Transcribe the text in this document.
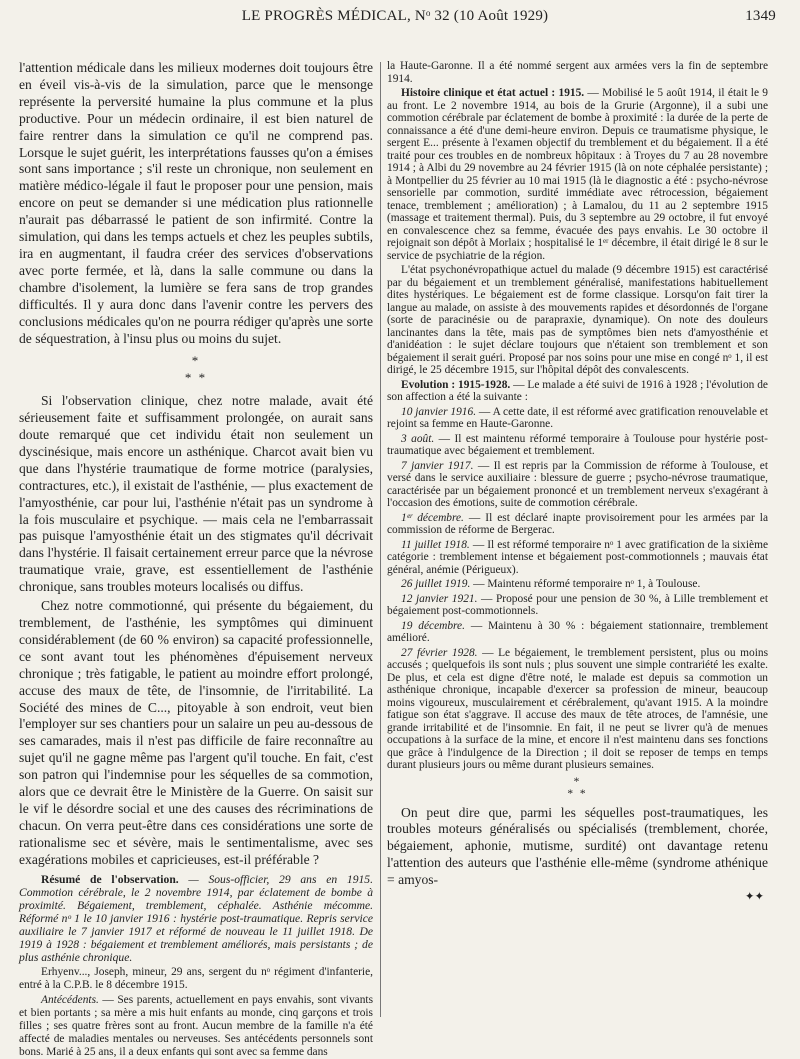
LE PROGRÈS MÉDICAL, Nᵒ 32 (10 Août 1929)	1349

l'attention médicale dans les milieux modernes doit toujours être en éveil vis-à-vis de la simulation, parce que le mensonge représente la perversité humaine la plus commune et la plus productive. Pour un médecin ordinaire, il est bien naturel de faire rentrer dans la simulation ce qu'il ne comprend pas. Lorsque le sujet guérit, les interprétations fausses qu'on a émises sont sans importance ; s'il reste un chronique, non seulement en matière médico-légale il faut le proposer pour une pension, mais encore on peut se demander si une médication plus rationnelle n'aurait pas débarrassé le patient de son infirmité. Contre la simulation, qui dans les temps actuels et chez les peuples subtils, ira en augmentant, il faudra créer des services d'observations avec porte fermée, et là, dans la salle commune ou dans la chambre d'isolement, la lumière se fera sans de trop grandes difficultés. Il y aura donc dans l'avenir contre les pervers des conclusions médicales qu'on ne pourra rédiger qu'après une sorte de séquestration, à l'insu plus ou moins du sujet.

*
* *

Si l'observation clinique, chez notre malade, avait été sérieusement faite et suffisamment prolongée, on aurait sans doute remarqué que cet individu était non seulement un dyscinésique, mais encore un asthénique. Charcot avait bien vu que dans l'hystérie traumatique de forme motrice (paralysies, contractures, etc.), il existait de l'asthénie, — plus exactement de l'amyosthénie, car pour lui, l'asthénie n'était pas un syndrome à la fois musculaire et psychique. — mais cela ne l'embarrassait pas puisque l'amyosthénie était un des stigmates qu'il décrivait dans l'hystérie. Il faisait certainement erreur parce que la névrose traumatique vraie, grave, est essentiellement de l'asthénie chronique, sans troubles moteurs localisés ou diffus.

Chez notre commotionné, qui présente du bégaiement, du tremblement, de l'asthénie, les symptômes qui diminuent considérablement (de 60 % environ) sa capacité professionnelle, ce sont avant tout les phénomènes d'épuisement nerveux chronique ; très fatigable, le patient au moindre effort prolongé, accuse des maux de tête, de l'insomnie, de l'irritabilité. La Société des mines de C..., pitoyable à son endroit, veut bien l'employer sur ses chantiers pour un salaire un peu au-dessous de ses camarades, mais il n'est pas difficile de faire reconnaître au sujet qu'il ne gagne même pas l'argent qu'il touche. En fait, c'est son patron qui l'indemnise pour les séquelles de sa commotion, alors que ce devrait être le Ministère de la Guerre. On saisit sur le vif le désordre social et une des causes des récriminations de chacun. On verra peut-être dans ces considérations une sorte de rationalisme sec et sévère, mais le sentimentalisme, avec ses exagérations mobiles et capricieuses, est-il préférable ?

Résumé de l'observation. — Sous-officier, 29 ans en 1915. Commotion cérébrale, le 2 novembre 1914, par éclatement de bombe à proximité. Bégaiement, tremblement, céphalée. Asthénie mécomme. Réformé nᵒ 1 le 10 janvier 1916 : hystérie post-traumatique. Repris service auxiliaire le 7 janvier 1917 et réformé de nouveau le 11 juillet 1918. De 1919 à 1928 : bégaiement et tremblement améliorés, mais persistants ; de plus asthénie chronique.

Erhyenv..., Joseph, mineur, 29 ans, sergent du nᵒ régiment d'infanterie, entré à la C.P.B. le 8 décembre 1915.

Antécédents. — Ses parents, actuellement en pays envahis, sont vivants et bien portants ; sa mère a mis huit enfants au monde, cinq garçons et trois filles ; ses quatre frères sont au front. Aucun membre de la famille n'a été affecté de maladies mentales ou nerveuses. Ses antécédents personnels sont bons. Marié à 25 ans, il a deux enfants qui sont avec sa femme dans

la Haute-Garonne. Il a été nommé sergent aux armées vers la fin de septembre 1914.

Histoire clinique et état actuel : 1915. — Mobilisé le 5 août 1914, il était le 9 au front. Le 2 novembre 1914, au bois de la Grurie (Argonne), il a subi une commotion cérébrale par éclatement de bombe à proximité : la durée de la perte de connaissance a été d'une demi-heure environ. Depuis ce traumatisme physique, le sergent E... présente à l'examen objectif du tremblement et du bégaiement. Il a été traité pour ces troubles en de nombreux hôpitaux : à Troyes du 7 au 28 novembre 1914 ; à Albi du 29 novembre au 24 février 1915 (là on note céphalée persistante) ; à Montpellier du 25 février au 10 mai 1915 (là le diagnostic a été : psycho-névrose sensorielle par commotion, surdité immédiate avec rétrocession, bégaiement tenace, tremblement ; amélioration) ; à Lamalou, du 11 au 2 septembre 1915 (massage et traitement thermal). Puis, du 3 septembre au 29 octobre, il fut envoyé en convalescence chez sa femme, évacuée des pays envahis. Le 30 octobre il rejoignait son dépôt à Morlaix ; hospitalisé le 1ᵉʳ décembre, il était dirigé le 8 sur le service de psychiatrie de la région.

L'état psychonévropathique actuel du malade (9 décembre 1915) est caractérisé par du bégaiement et un tremblement généralisé, manifestations habituellement dites hystériques. Le bégaiement est de forme classique. Lorsqu'on fait tirer la langue au malade, on assiste à des mouvements rapides et désordonnés de l'organe (sorte de paracinésie ou de parapraxie, dynamique). On note des douleurs lancinantes dans la tête, mais pas de symptômes bien nets d'amyosthénie et d'anidéation : le sujet déclare toujours que n'étaient son tremblement et son bégaiement il serait guéri. Proposé par nos soins pour une mise en congé nᵒ 1, il est dirigé, le 25 décembre 1915, sur l'hôpital dépôt des convalescents.

Evolution : 1915-1928. — Le malade a été suivi de 1916 à 1928 ; l'évolution de son affection a été la suivante :

10 janvier 1916. — A cette date, il est réformé avec gratification renouvelable et rejoint sa femme en Haute-Garonne.

3 août. — Il est maintenu réformé temporaire à Toulouse pour hystérie post-traumatique avec bégaiement et tremblement.

7 janvier 1917. — Il est repris par la Commission de réforme à Toulouse, et versé dans le service auxiliaire : blessure de guerre ; psycho-névrose traumatique, caractérisée par un bégaiement prononcé et un tremblement nerveux s'exagérant à l'occasion des émotions, suite de commotion cérébrale.

1ᵉʳ décembre. — Il est déclaré inapte provisoirement pour les armées par la commission de réforme de Bergerac.

11 juillet 1918. — Il est réformé temporaire nᵒ 1 avec gratification de la sixième catégorie : tremblement intense et bégaiement post-commotionnels ; mauvais état général, anémie (Périgueux).

26 juillet 1919. — Maintenu réformé temporaire nᵒ 1, à Toulouse.

12 janvier 1921. — Proposé pour une pension de 30 %, à Lille tremblement et bégaiement post-commotionnels.

19 décembre. — Maintenu à 30 % : bégaiement stationnaire, tremblement amélioré.

27 février 1928. — Le bégaiement, le tremblement persistent, plus ou moins accusés ; quelquefois ils sont nuls ; plus souvent une simple contrariété les exalte. De plus, et cela est digne d'être noté, le malade est depuis sa commotion un asthénique chronique, incapable d'exercer sa profession de mineur, beaucoup moins vigoureux, musculairement et cérébralement, qu'avant 1915. A la moindre fatigue son état s'aggrave. Il accuse des maux de tête atroces, de l'amnésie, une grande irritabilité et de l'insomnie. En fait, il ne peut se livrer qu'à de menues occupations à la surface de la mine, et encore il n'est maintenu dans ses fonctions que grâce à l'indulgence de la Direction ; il doit se reposer de temps en temps durant plusieurs jours ou même durant plusieurs semaines.

*
* *

On peut dire que, parmi les séquelles post-traumatiques, les troubles moteurs généralisés ou spécialisés (tremblement, chorée, bégaiement, aphonie, mutisme, surdité) ont davantage retenu l'attention des auteurs que l'asthénie elle-même (syndrome athénique = amyos-

✦✦
